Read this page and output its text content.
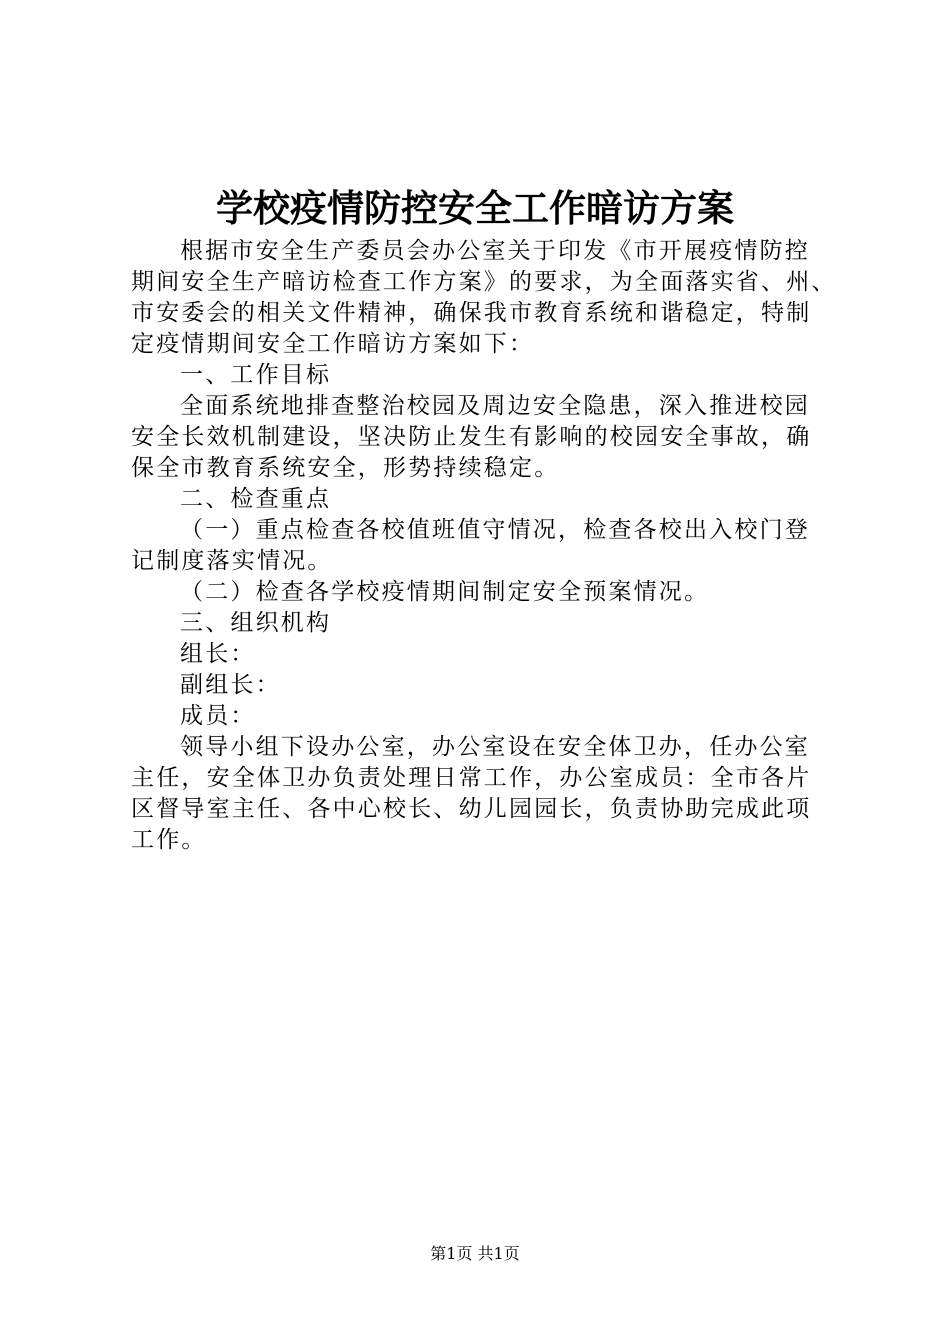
学校疫情防控安全工作暗访方案
根据市安全生产委员会办公室关于印发《市开展疫情防控
期间安全生产暗访检查工作方案》的要求，为全面落实省、州、
市安委会的相关文件精神，确保我市教育系统和谐稳定，特制
定疫情期间安全工作暗访方案如下：
一、工作目标
全面系统地排查整治校园及周边安全隐患，深入推进校园
安全长效机制建设，坚决防止发生有影响的校园安全事故，确
保全市教育系统安全，形势持续稳定。
二、检查重点
（一）重点检查各校值班值守情况，检查各校出入校门登
记制度落实情况。
（二）检查各学校疫情期间制定安全预案情况。
三、组织机构
组长：
副组长：
成员：
领导小组下设办公室，办公室设在安全体卫办，任办公室
主任，安全体卫办负责处理日常工作，办公室成员：全市各片
区督导室主任、各中心校长、幼儿园园长，负责协助完成此项
工作。
第1页 共1页
